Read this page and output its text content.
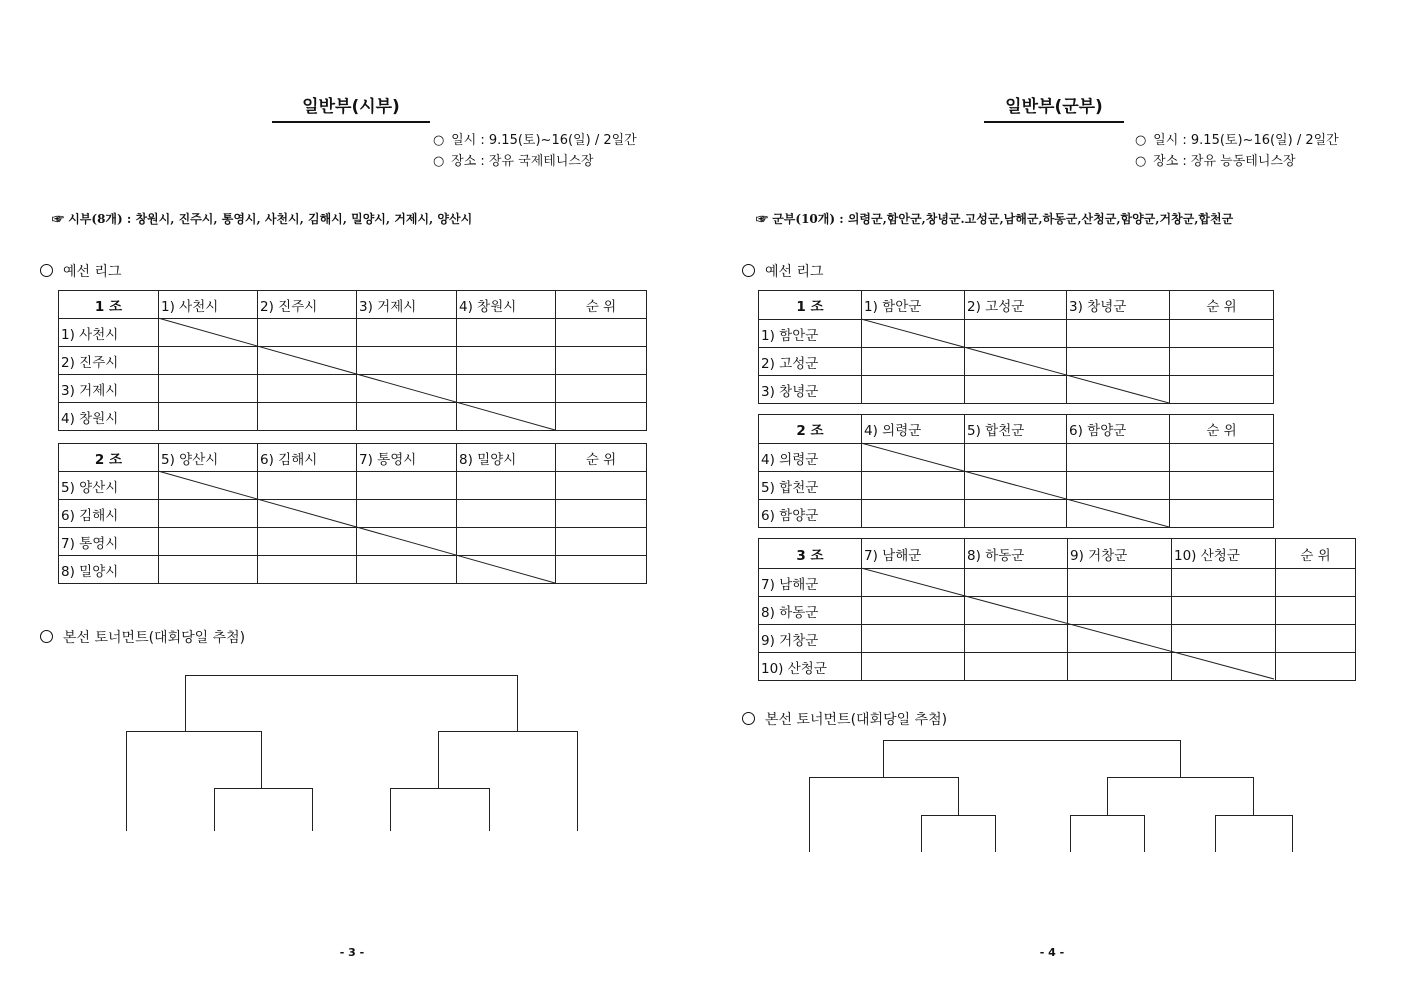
일반부(시부)
○ 일시 : 9.15(토)~16(일) / 2일간
○ 장소 : 장유 국제테니스장
☞ 시부(8개) : 창원시, 진주시, 통영시, 사천시, 김해시, 밀양시, 거제시, 양산시
예선 리그
1 조	1) 사천시	2) 진주시	3) 거제시	4) 창원시	순 위
1) 사천시					
2) 진주시					
3) 거제시					
4) 창원시					
2 조	5) 양산시	6) 김해시	7) 통영시	8) 밀양시	순 위
5) 양산시					
6) 김해시					
7) 통영시					
8) 밀양시					
본선 토너먼트(대회당일 추첨)
- 3 -
일반부(군부)
○ 일시 : 9.15(토)~16(일) / 2일간
○ 장소 : 장유 능동테니스장
☞ 군부(10개) : 의령군,함안군,창녕군.고성군,남해군,하동군,산청군,함양군,거창군,합천군
예선 리그
1 조	1) 함안군	2) 고성군	3) 창녕군	순 위
1) 함안군				
2) 고성군				
3) 창녕군				
2 조	4) 의령군	5) 합천군	6) 함양군	순 위
4) 의령군				
5) 합천군				
6) 함양군				
3 조	7) 남해군	8) 하동군	9) 거창군	10) 산청군	순 위
7) 남해군					
8) 하동군					
9) 거창군					
10) 산청군					
본선 토너먼트(대회당일 추첨)
- 4 -
